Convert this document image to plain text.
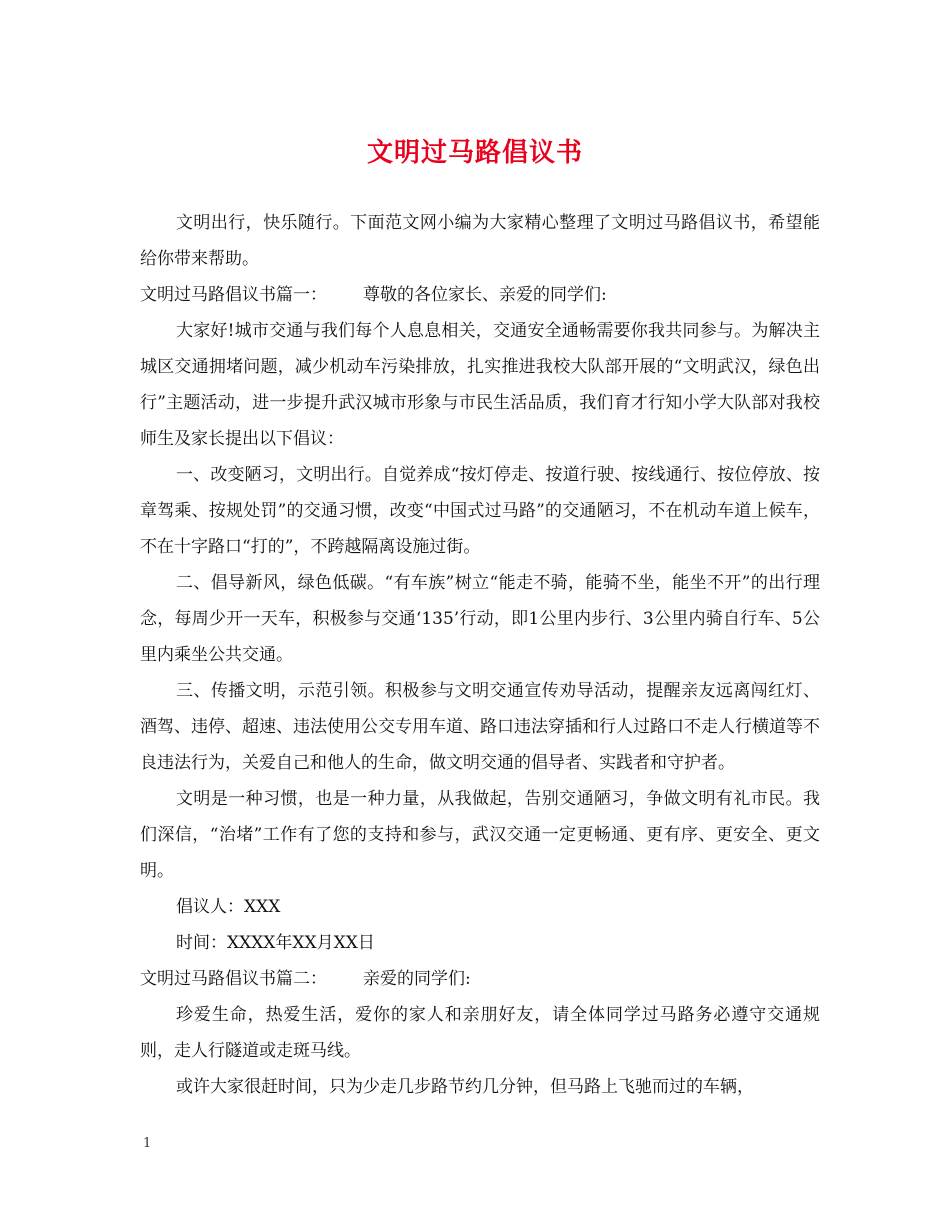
文明过马路倡议书

文明出行，快乐随行。下面范文网小编为大家精心整理了文明过马路倡议书，希望能给你带来帮助。

文明过马路倡议书篇一： 尊敬的各位家长、亲爱的同学们:

大家好!城市交通与我们每个人息息相关，交通安全通畅需要你我共同参与。为解决主城区交通拥堵问题，减少机动车污染排放，扎实推进我校大队部开展的“文明武汉，绿色出行”主题活动，进一步提升武汉城市形象与市民生活品质，我们育才行知小学大队部对我校师生及家长提出以下倡议：

一、改变陋习，文明出行。自觉养成“按灯停走、按道行驶、按线通行、按位停放、按章驾乘、按规处罚”的交通习惯，改变“中国式过马路”的交通陋习，不在机动车道上候车，不在十字路口“打的”，不跨越隔离设施过街。

二、倡导新风，绿色低碳。“有车族”树立“能走不骑，能骑不坐，能坐不开”的出行理念，每周少开一天车，积极参与交通‘135’行动，即1公里内步行、3公里内骑自行车、5公里内乘坐公共交通。

三、传播文明，示范引领。积极参与文明交通宣传劝导活动，提醒亲友远离闯红灯、酒驾、违停、超速、违法使用公交专用车道、路口违法穿插和行人过路口不走人行横道等不良违法行为，关爱自己和他人的生命，做文明交通的倡导者、实践者和守护者。

文明是一种习惯，也是一种力量，从我做起，告别交通陋习，争做文明有礼市民。我们深信，“治堵”工作有了您的支持和参与，武汉交通一定更畅通、更有序、更安全、更文明。

倡议人：XXX

时间：XXXX年XX月XX日

文明过马路倡议书篇二： 亲爱的同学们:

珍爱生命，热爱生活，爱你的家人和亲朋好友，请全体同学过马路务必遵守交通规则，走人行隧道或走斑马线。

或许大家很赶时间，只为少走几步路节约几分钟，但马路上飞驰而过的车辆，

1
